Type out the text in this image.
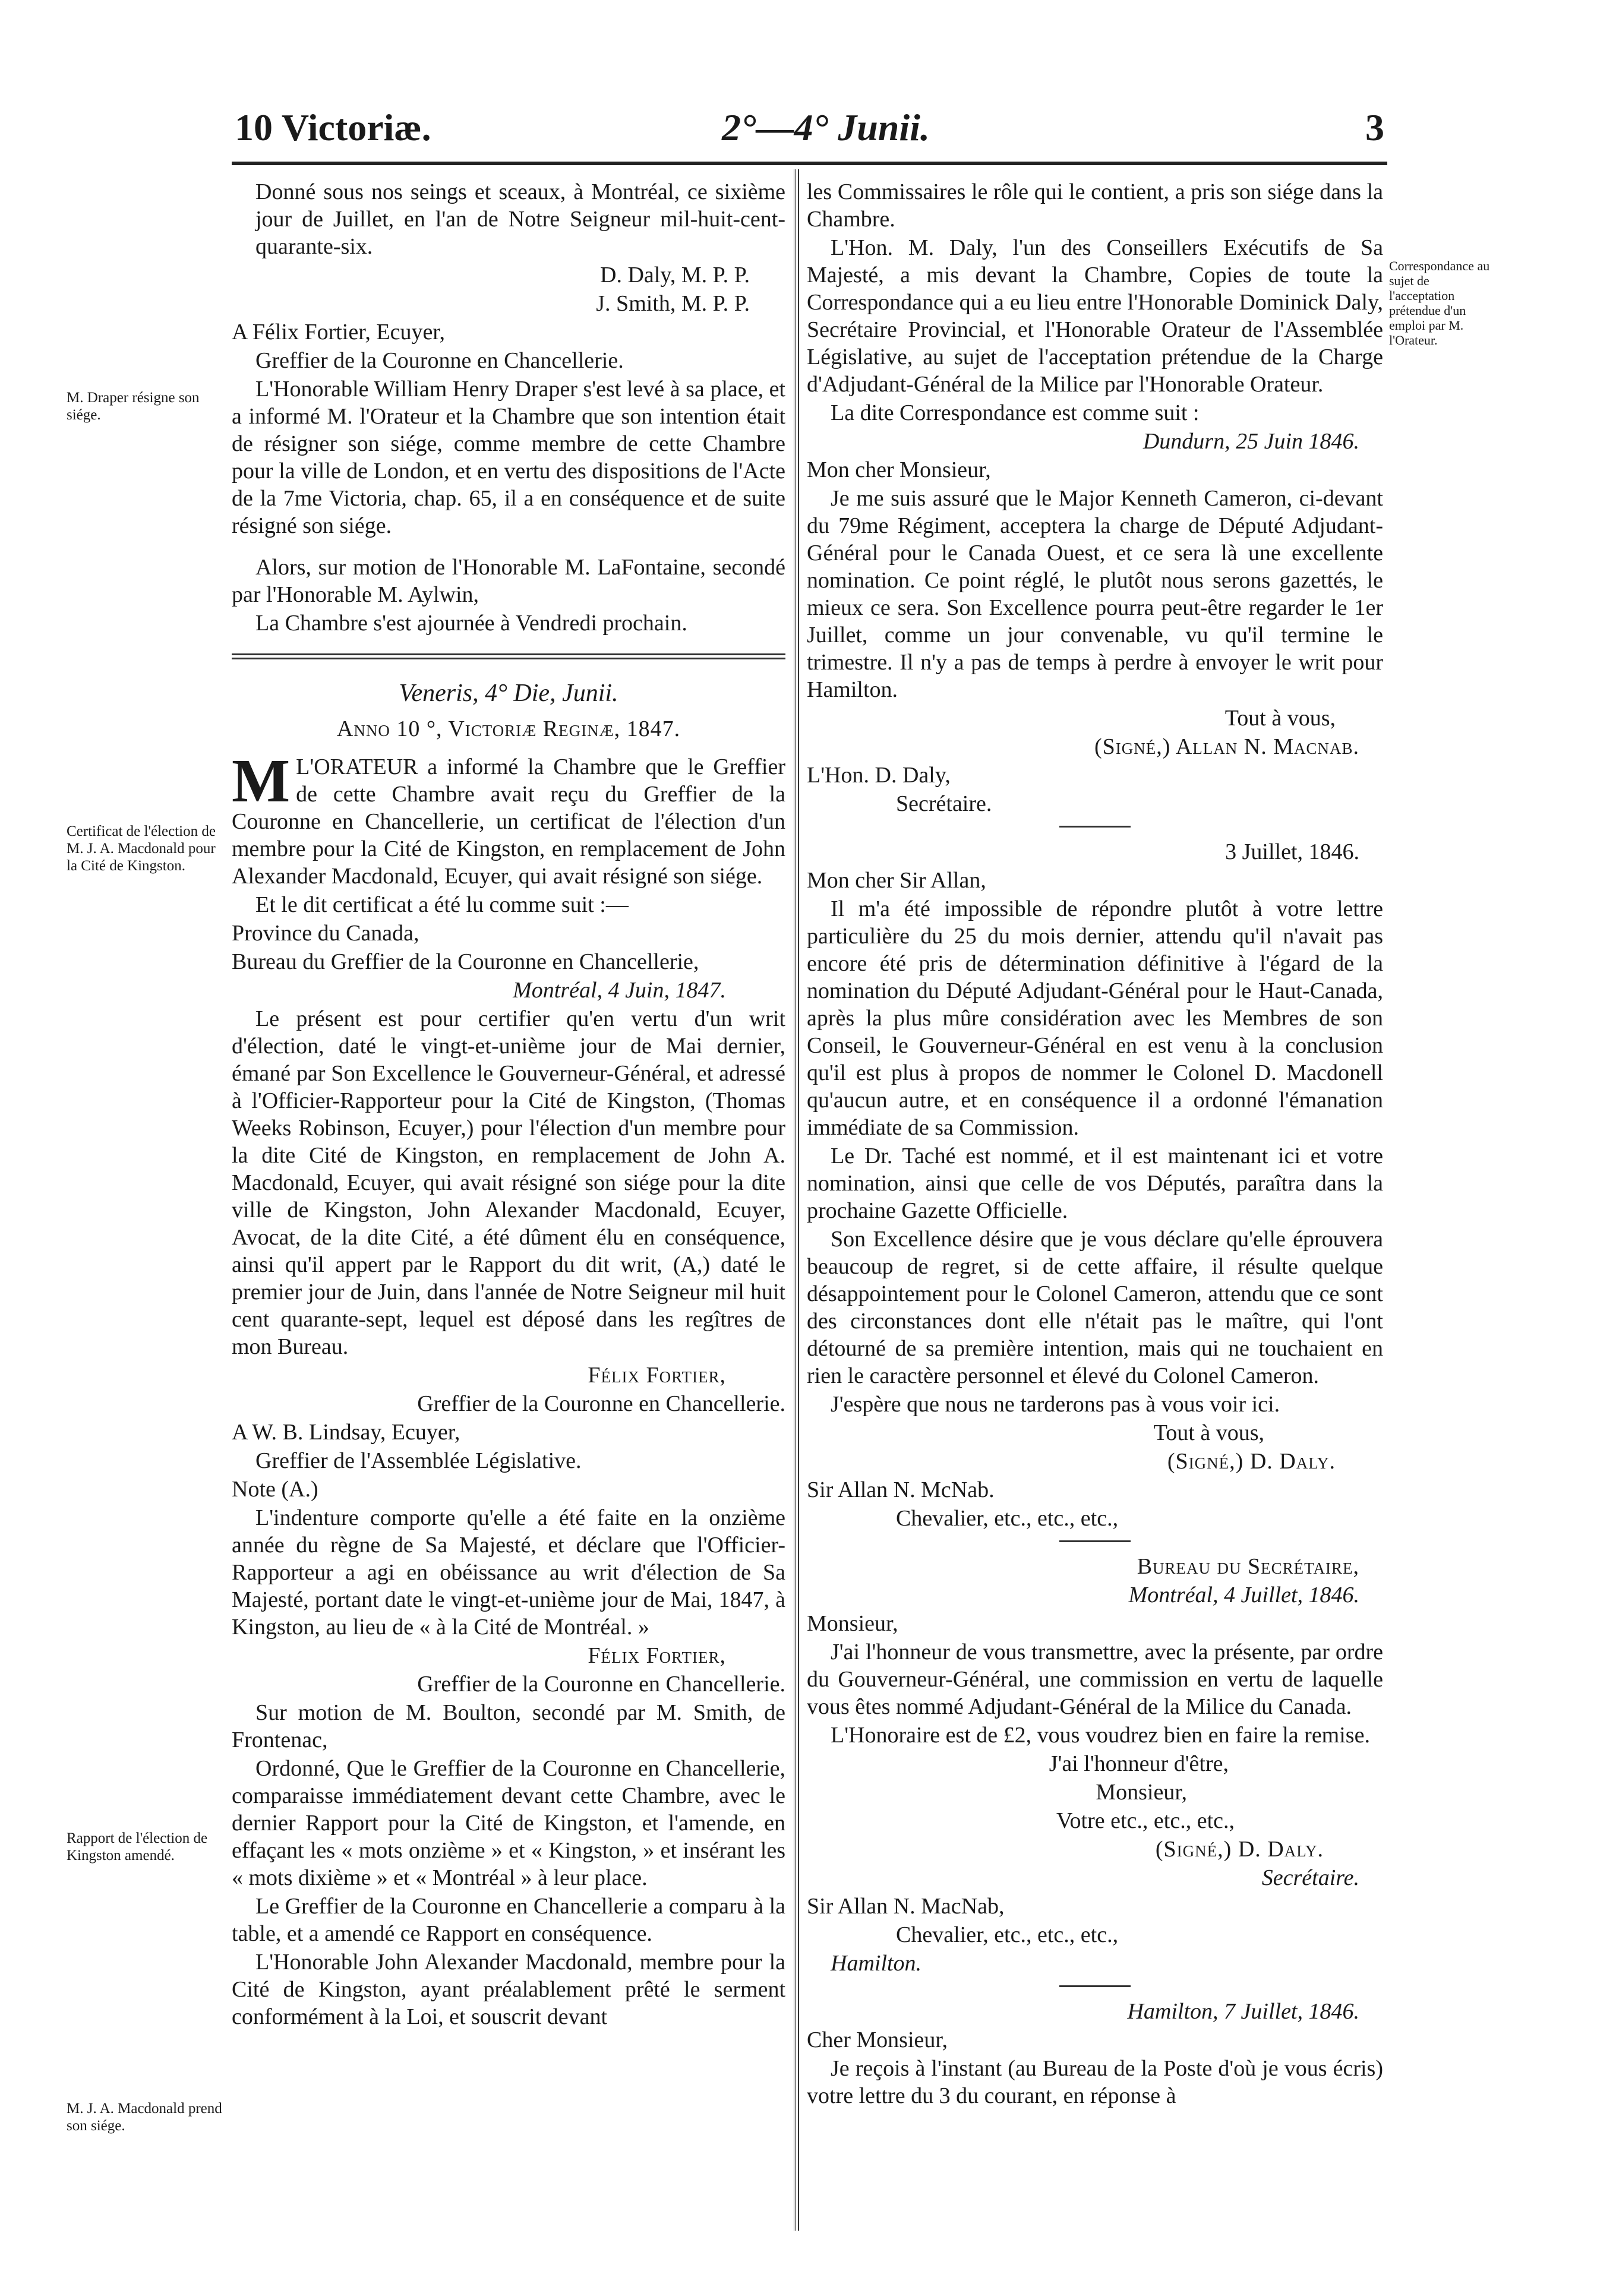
10 Victoriæ.	2°—4° Junii.	3
M. Draper résigne son siége.
Certificat de l'élection de M. J. A. Macdonald pour la Cité de Kingston.
Rapport de l'élection de Kingston amendé.
M. J. A. Macdonald prend son siége.
Correspondance au sujet de l'acceptation prétendue d'un emploi par M. l'Orateur.

Donné sous nos seings et sceaux, à Montréal, ce sixième jour de Juillet, en l'an de Notre Seigneur mil-huit-cent-quarante-six.

D. Daly, M. P. P.

J. Smith, M. P. P.

A Félix Fortier, Ecuyer,

Greffier de la Couronne en Chancellerie.

L'Honorable William Henry Draper s'est levé à sa place, et a informé M. l'Orateur et la Chambre que son intention était de résigner son siége, comme membre de cette Chambre pour la ville de London, et en vertu des dispositions de l'Acte de la 7me Victoria, chap. 65, il a en conséquence et de suite résigné son siége.

Alors, sur motion de l'Honorable M. LaFontaine, secondé par l'Honorable M. Aylwin,

La Chambre s'est ajournée à Vendredi prochain.

Veneris, 4° Die, Junii.

Anno 10 °, Victoriæ Reginæ, 1847.

M L'ORATEUR a informé la Chambre que le Greffier de cette Chambre avait reçu du Greffier de la Couronne en Chancellerie, un certificat de l'élection d'un membre pour la Cité de Kingston, en remplacement de John Alexander Macdonald, Ecuyer, qui avait résigné son siége.

Et le dit certificat a été lu comme suit :—

Province du Canada,

Bureau du Greffier de la Couronne en Chancellerie,

Montréal, 4 Juin, 1847.

Le présent est pour certifier qu'en vertu d'un writ d'élection, daté le vingt-et-unième jour de Mai dernier, émané par Son Excellence le Gouverneur-Général, et adressé à l'Officier-Rapporteur pour la Cité de Kingston, (Thomas Weeks Robinson, Ecuyer,) pour l'élection d'un membre pour la dite Cité de Kingston, en remplacement de John A. Macdonald, Ecuyer, qui avait résigné son siége pour la dite ville de Kingston, John Alexander Macdonald, Ecuyer, Avocat, de la dite Cité, a été dûment élu en conséquence, ainsi qu'il appert par le Rapport du dit writ, (A,) daté le premier jour de Juin, dans l'année de Notre Seigneur mil huit cent quarante-sept, lequel est déposé dans les regîtres de mon Bureau.

Félix Fortier,

Greffier de la Couronne en Chancellerie.

A W. B. Lindsay, Ecuyer,

Greffier de l'Assemblée Législative.

Note (A.)

L'indenture comporte qu'elle a été faite en la onzième année du règne de Sa Majesté, et déclare que l'Officier-Rapporteur a agi en obéissance au writ d'élection de Sa Majesté, portant date le vingt-et-unième jour de Mai, 1847, à Kingston, au lieu de « à la Cité de Montréal. »

Félix Fortier,

Greffier de la Couronne en Chancellerie.

Sur motion de M. Boulton, secondé par M. Smith, de Frontenac,

Ordonné, Que le Greffier de la Couronne en Chancellerie, comparaisse immédiatement devant cette Chambre, avec le dernier Rapport pour la Cité de Kingston, et l'amende, en effaçant les « mots onzième » et « Kingston, » et insérant les « mots dixième » et « Montréal » à leur place.

Le Greffier de la Couronne en Chancellerie a comparu à la table, et a amendé ce Rapport en conséquence.

L'Honorable John Alexander Macdonald, membre pour la Cité de Kingston, ayant préalablement prêté le serment conformément à la Loi, et souscrit devant

les Commissaires le rôle qui le contient, a pris son siége dans la Chambre.

L'Hon. M. Daly, l'un des Conseillers Exécutifs de Sa Majesté, a mis devant la Chambre, Copies de toute la Correspondance qui a eu lieu entre l'Honorable Dominick Daly, Secrétaire Provincial, et l'Honorable Orateur de l'Assemblée Législative, au sujet de l'acceptation prétendue de la Charge d'Adjudant-Général de la Milice par l'Honorable Orateur.

La dite Correspondance est comme suit :

Dundurn, 25 Juin 1846.

Mon cher Monsieur,

Je me suis assuré que le Major Kenneth Cameron, ci-devant du 79me Régiment, accepterа la charge de Député Adjudant-Général pour le Canada Ouest, et ce sera là une excellente nomination. Ce point réglé, le plutôt nous serons gazettés, le mieux ce sera. Son Excellence pourra peut-être regarder le 1er Juillet, comme un jour convenable, vu qu'il termine le trimestre. Il n'y a pas de temps à perdre à envoyer le writ pour Hamilton.

Tout à vous,

(Signé,) Allan N. Macnab.

L'Hon. D. Daly,

Secrétaire.

3 Juillet, 1846.

Mon cher Sir Allan,

Il m'a été impossible de répondre plutôt à votre lettre particulière du 25 du mois dernier, attendu qu'il n'avait pas encore été pris de détermination définitive à l'égard de la nomination du Député Adjudant-Général pour le Haut-Canada, après la plus mûre considération avec les Membres de son Conseil, le Gouverneur-Général en est venu à la conclusion qu'il est plus à propos de nommer le Colonel D. Macdonell qu'aucun autre, et en conséquence il a ordonné l'émanation immédiate de sa Commission.

Le Dr. Taché est nommé, et il est maintenant ici et votre nomination, ainsi que celle de vos Députés, paraîtra dans la prochaine Gazette Officielle.

Son Excellence désire que je vous déclare qu'elle éprouvera beaucoup de regret, si de cette affaire, il résulte quelque désappointement pour le Colonel Cameron, attendu que ce sont des circonstances dont elle n'était pas le maître, qui l'ont détourné de sa première intention, mais qui ne touchaient en rien le caractère personnel et élevé du Colonel Cameron.

J'espère que nous ne tarderons pas à vous voir ici.

Tout à vous,

(Signé,) D. Daly.

Sir Allan N. McNab.

Chevalier, etc., etc., etc.,

Bureau du Secrétaire,

Montréal, 4 Juillet, 1846.

Monsieur,

J'ai l'honneur de vous transmettre, avec la présente, par ordre du Gouverneur-Général, une commission en vertu de laquelle vous êtes nommé Adjudant-Général de la Milice du Canada.

L'Honoraire est de £2, vous voudrez bien en faire la remise.

J'ai l'honneur d'être,

Monsieur,

Votre etc., etc., etc.,

(Signé,) D. Daly.

Secrétaire.

Sir Allan N. MacNab,

Chevalier, etc., etc., etc.,

Hamilton.

Hamilton, 7 Juillet, 1846.

Cher Monsieur,

Je reçois à l'instant (au Bureau de la Poste d'où je vous écris) votre lettre du 3 du courant, en réponse à
